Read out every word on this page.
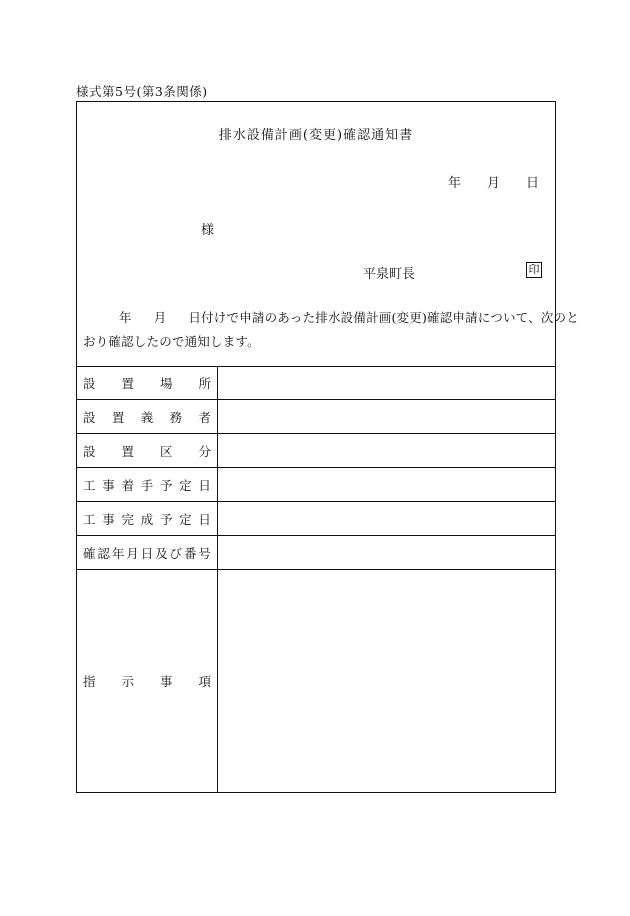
様式第5号(第3条関係)
排水設備計画(変更)確認通知書
年 月 日
様
平泉町長	印
年 月 日付けで申請のあった排水設備計画(変更)確認申請について、次のと
おり確認したので通知します。
設 置 場 所
設 置 義 務 者
設 置 区 分
工 事 着 手 予 定 日
工 事 完 成 予 定 日
確 認 年 月 日 及 び 番 号
指 示 事 項
